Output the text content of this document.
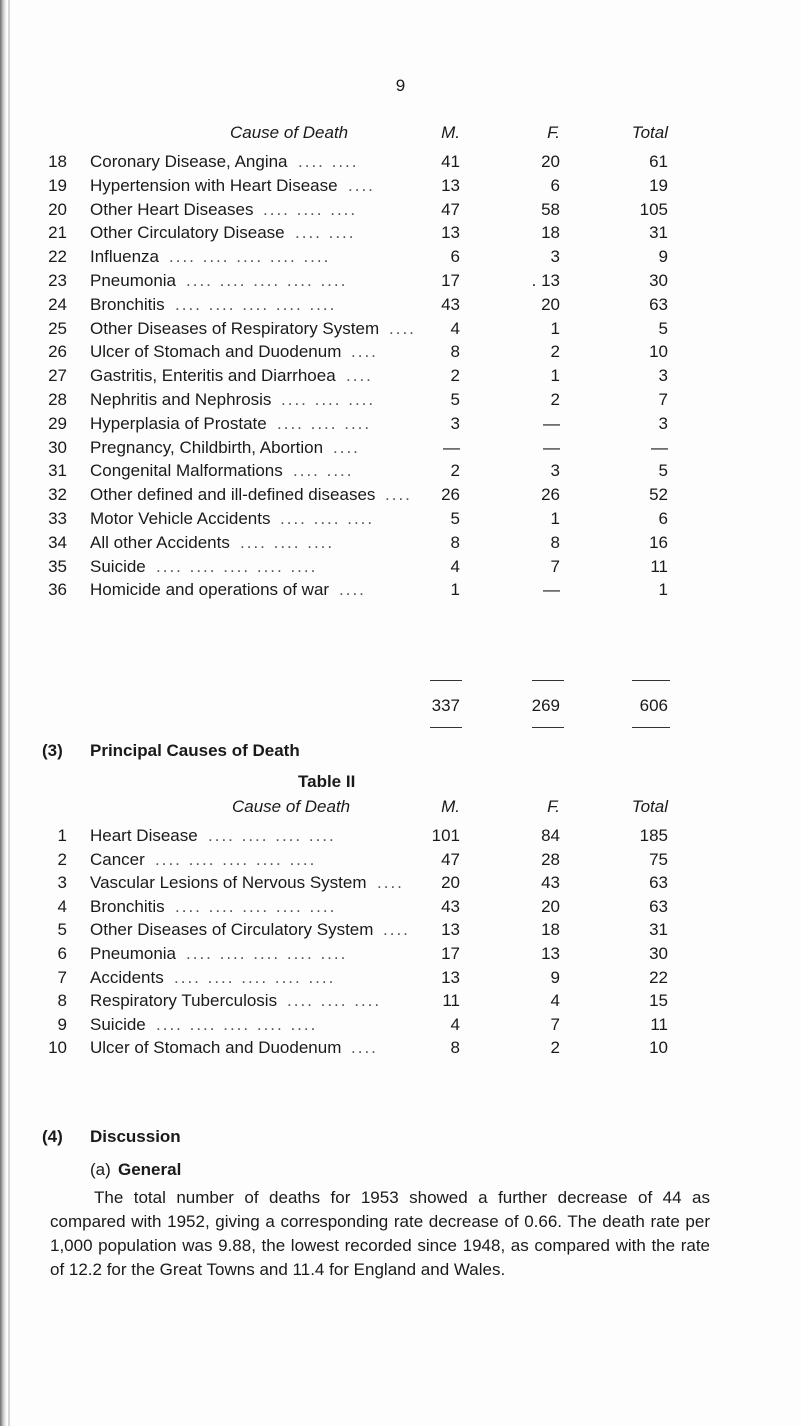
9
Cause of Death	M.	F.	Total
18 Coronary Disease, Angina .... ....	41	20	61
19 Hypertension with Heart Disease ....	13	6	19
20 Other Heart Diseases .... .... ....	47	58	105
21 Other Circulatory Disease .... ....	13	18	31
22 Influenza .... .... .... .... ....	6	3	9
23 Pneumonia .... .... .... .... ....	17	. 13	30
24 Bronchitis .... .... .... .... ....	43	20	63
25 Other Diseases of Respiratory System ....	4	1	5
26 Ulcer of Stomach and Duodenum ....	8	2	10
27 Gastritis, Enteritis and Diarrhoea ....	2	1	3
28 Nephritis and Nephrosis .... .... ....	5	2	7
29 Hyperplasia of Prostate .... .... ....	3	—	3
30 Pregnancy, Childbirth, Abortion ....	—	—	—
31 Congenital Malformations .... ....	2	3	5
32 Other defined and ill-defined diseases ....	26	26	52
33 Motor Vehicle Accidents .... .... ....	5	1	6
34 All other Accidents .... .... ....	8	8	16
35 Suicide .... .... .... .... ....	4	7	11
36 Homicide and operations of war ....	1	—	1
337	269	606
(3) Principal Causes of Death
Table II
Cause of Death	M.	F.	Total
1 Heart Disease .... .... .... ....	101	84	185
2 Cancer .... .... .... .... ....	47	28	75
3 Vascular Lesions of Nervous System ....	20	43	63
4 Bronchitis .... .... .... .... ....	43	20	63
5 Other Diseases of Circulatory System ....	13	18	31
6 Pneumonia .... .... .... .... ....	17	13	30
7 Accidents .... .... .... .... ....	13	9	22
8 Respiratory Tuberculosis .... .... ....	11	4	15
9 Suicide .... .... .... .... ....	4	7	11
10 Ulcer of Stomach and Duodenum ....	8	2	10
(4) Discussion
(a) General
The total number of deaths for 1953 showed a further decrease of 44 as compared with 1952, giving a corresponding rate decrease of 0.66. The death rate per 1,000 population was 9.88, the lowest recorded since 1948, as compared with the rate of 12.2 for the Great Towns and 11.4 for England and Wales.
